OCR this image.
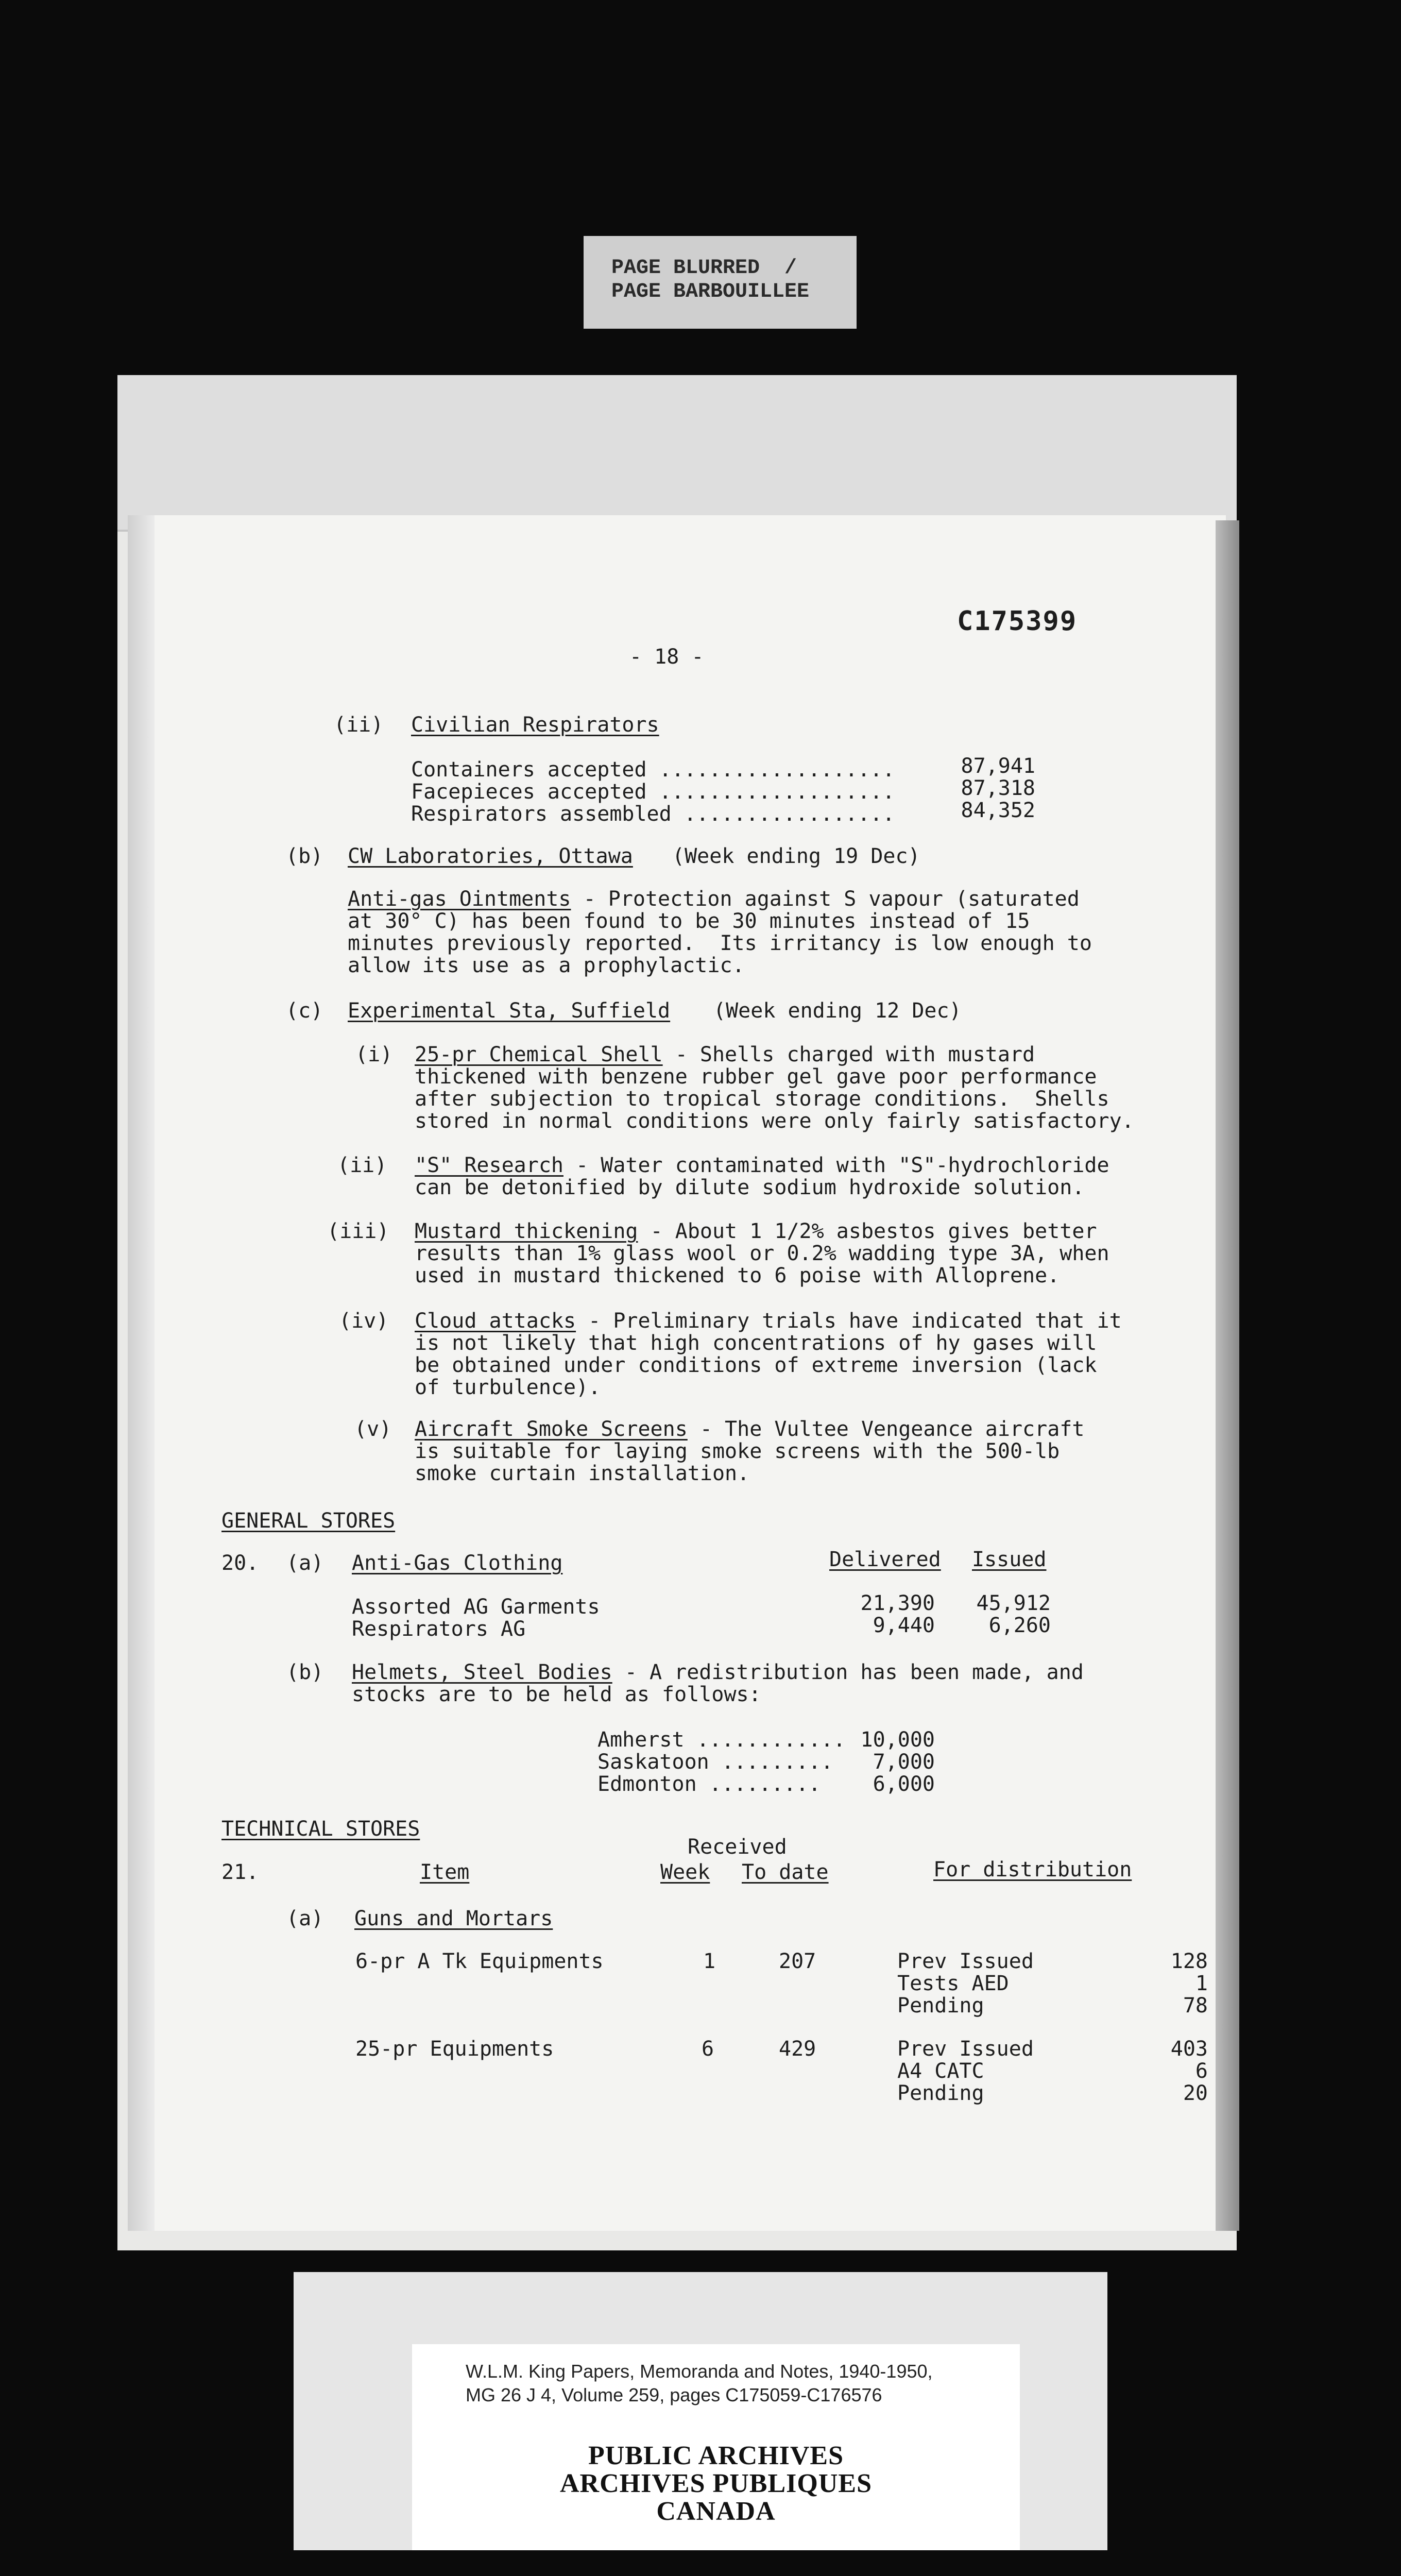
PAGE BLURRED  /
PAGE BARBOUILLEE
C175399
- 18 -
(ii) Civilian Respirators
Containers accepted ...................	87,941
Facepieces accepted ...................	87,318
Respirators assembled .................	84,352
(b) CW Laboratories, Ottawa (Week ending 19 Dec)
Anti-gas Ointments - Protection against S vapour (saturated
at 30° C) has been found to be 30 minutes instead of 15
minutes previously reported.  Its irritancy is low enough to
allow its use as a prophylactic.
(c) Experimental Sta, Suffield (Week ending 12 Dec)
(i) 25-pr Chemical Shell - Shells charged with mustard
thickened with benzene rubber gel gave poor performance
after subjection to tropical storage conditions.  Shells
stored in normal conditions were only fairly satisfactory.
(ii) "S" Research - Water contaminated with "S"-hydrochloride
can be detonified by dilute sodium hydroxide solution.
(iii) Mustard thickening - About 1 1/2% asbestos gives better
results than 1% glass wool or 0.2% wadding type 3A, when
used in mustard thickened to 6 poise with Alloprene.
(iv) Cloud attacks - Preliminary trials have indicated that it
is not likely that high concentrations of hy gases will
be obtained under conditions of extreme inversion (lack
of turbulence).
(v) Aircraft Smoke Screens - The Vultee Vengeance aircraft
is suitable for laying smoke screens with the 500-lb
smoke curtain installation.
GENERAL STORES
20. (a) Anti-Gas Clothing	Delivered Issued
Assorted AG Garments	21,390	45,912
Respirators AG	9,440	6,260
(b) Helmets, Steel Bodies - A redistribution has been made, and
stocks are to be held as follows:
Amherst ............ 10,000
Saskatoon .........	7,000
Edmonton .........	6,000
TECHNICAL STORES
Received
21.	Item	Week To date	For distribution
(a) Guns and Mortars
6-pr A Tk Equipments	1	207	Prev Issued	128
Tests AED	1
Pending	78
25-pr Equipments	6	429	Prev Issued	403
A4 CATC	6
Pending	20
W.L.M. King Papers, Memoranda and Notes, 1940-1950,
MG 26 J 4, Volume 259, pages C175059-C176576
PUBLIC ARCHIVES
ARCHIVES PUBLIQUES
CANADA
